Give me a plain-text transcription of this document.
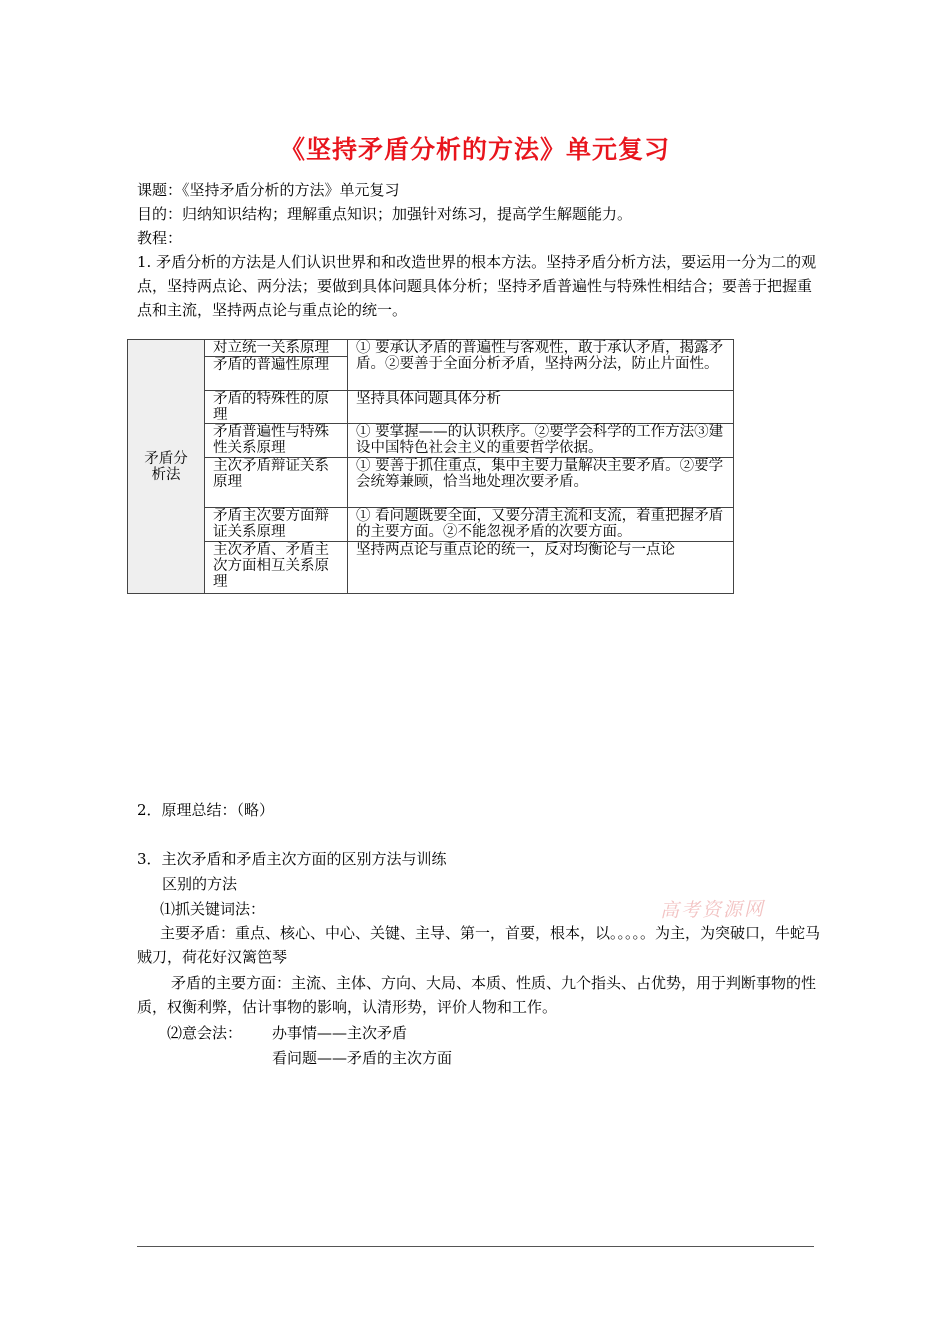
《坚持矛盾分析的方法》单元复习
课题：《坚持矛盾分析的方法》单元复习
目的：归纳知识结构；理解重点知识；加强针对练习，提高学生解题能力。
教程：
1. 矛盾分析的方法是人们认识世界和和改造世界的根本方法。坚持矛盾分析方法，要运用一分为二的观点，坚持两点论、两分法；要做到具体问题具体分析；坚持矛盾普遍性与特殊性相结合；要善于把握重点和主流，坚持两点论与重点论的统一。
矛盾分析法	对立统一关系原理	① 要承认矛盾的普遍性与客观性，敢于承认矛盾，揭露矛盾。②要善于全面分析矛盾，坚持两分法，防止片面性。
	矛盾的普遍性原理	
	矛盾的特殊性的原理	坚持具体问题具体分析
	矛盾普遍性与特殊性关系原理	① 要掌握——的认识秩序。②要学会科学的工作方法③建设中国特色社会主义的重要哲学依据。
	主次矛盾辩证关系原理	① 要善于抓住重点，集中主要力量解决主要矛盾。②要学会统筹兼顾，恰当地处理次要矛盾。
	矛盾主次要方面辩证关系原理	① 看问题既要全面，又要分清主流和支流，着重把握矛盾的主要方面。②不能忽视矛盾的次要方面。
	主次矛盾、矛盾主次方面相互关系原理	坚持两点论与重点论的统一，反对均衡论与一点论
2．原理总结：（略）
3．主次矛盾和矛盾主次方面的区别方法与训练
区别的方法
⑴抓关键词法：	高考资源网
主要矛盾：重点、核心、中心、关键、主导、第一，首要，根本，以。。。。。为主，为突破口，牛蛇马贼刀，荷花好汉篱笆琴
矛盾的主要方面：主流、主体、方向、大局、本质、性质、九个指头、占优势，用于判断事物的性质，权衡利弊，估计事物的影响，认清形势，评价人物和工作。
⑵意会法： 办事情——主次矛盾
看问题——矛盾的主次方面
